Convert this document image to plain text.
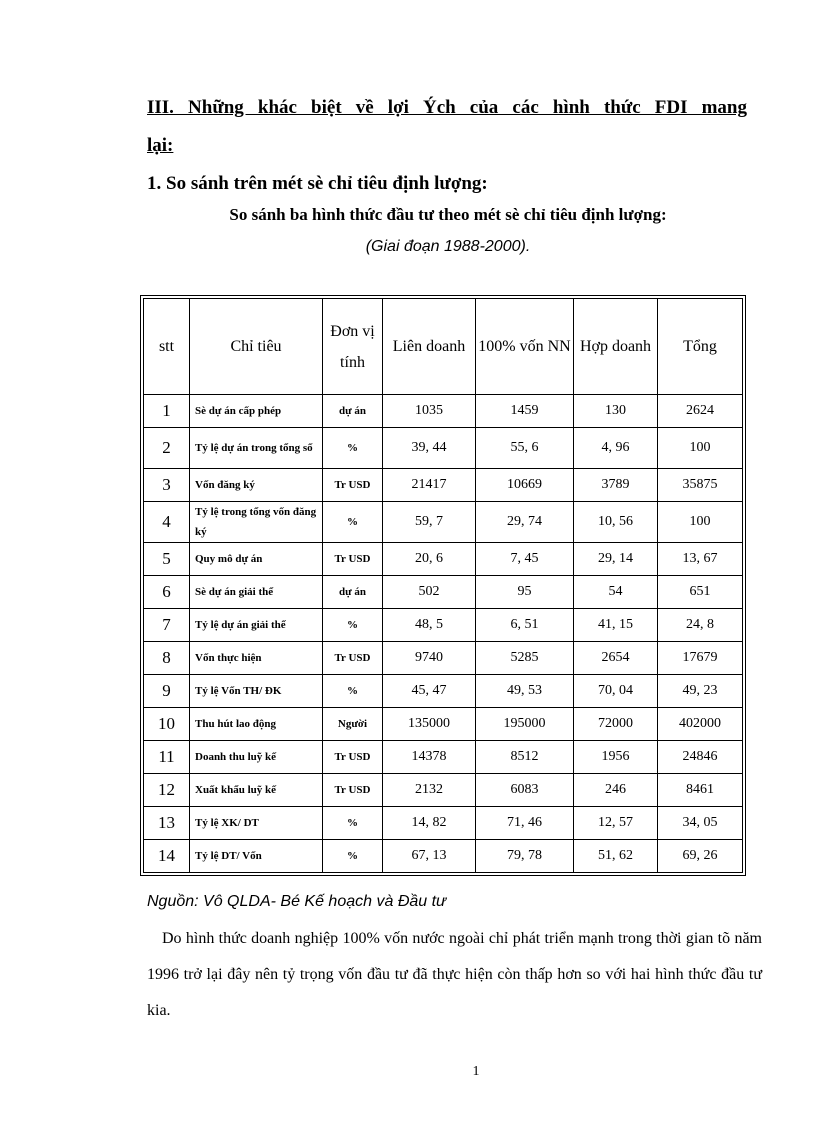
III. Những khác biệt về lợi Ých của các hình thức FDI mang
lại:
1. So sánh trên mét sè chỉ tiêu định lượng:
So sánh ba hình thức đầu tư theo mét sè chỉ tiêu định lượng:
(Giai đoạn 1988-2000).
stt	Chỉ tiêu	Đơn vị tính	Liên doanh	100% vốn NN	Hợp doanh	Tổng
1	Sè dự án cấp phép	dự án	1035	1459	130	2624
2	Tỷ lệ dự án trong tổng số	%	39, 44	55, 6	4, 96	100
3	Vốn đăng ký	Tr USD	21417	10669	3789	35875
4	Tỷ lệ trong tổng vốn đăng ký	%	59, 7	29, 74	10, 56	100
5	Quy mô dự án	Tr USD	20, 6	7, 45	29, 14	13, 67
6	Sè dự án giải thể	dự án	502	95	54	651
7	Tỷ lệ dự án giải thể	%	48, 5	6, 51	41, 15	24, 8
8	Vốn thực hiện	Tr USD	9740	5285	2654	17679
9	Tỷ lệ Vốn TH/ ĐK	%	45, 47	49, 53	70, 04	49, 23
10	Thu hút lao động	Người	135000	195000	72000	402000
11	Doanh thu luỹ kế	Tr USD	14378	8512	1956	24846
12	Xuất khẩu luỹ kế	Tr USD	2132	6083	246	8461
13	Tỷ lệ XK/ DT	%	14, 82	71, 46	12, 57	34, 05
14	Tỷ lệ DT/ Vốn	%	67, 13	79, 78	51, 62	69, 26
Nguồn: Vô QLDA- Bé Kế hoạch và Đầu tư

Do hình thức doanh nghiệp 100% vốn nước ngoài chỉ phát triển mạnh trong thời gian tõ năm 1996 trở lại đây nên tỷ trọng vốn đầu tư đã thực hiện còn thấp hơn so với hai hình thức đầu tư kia.

1
